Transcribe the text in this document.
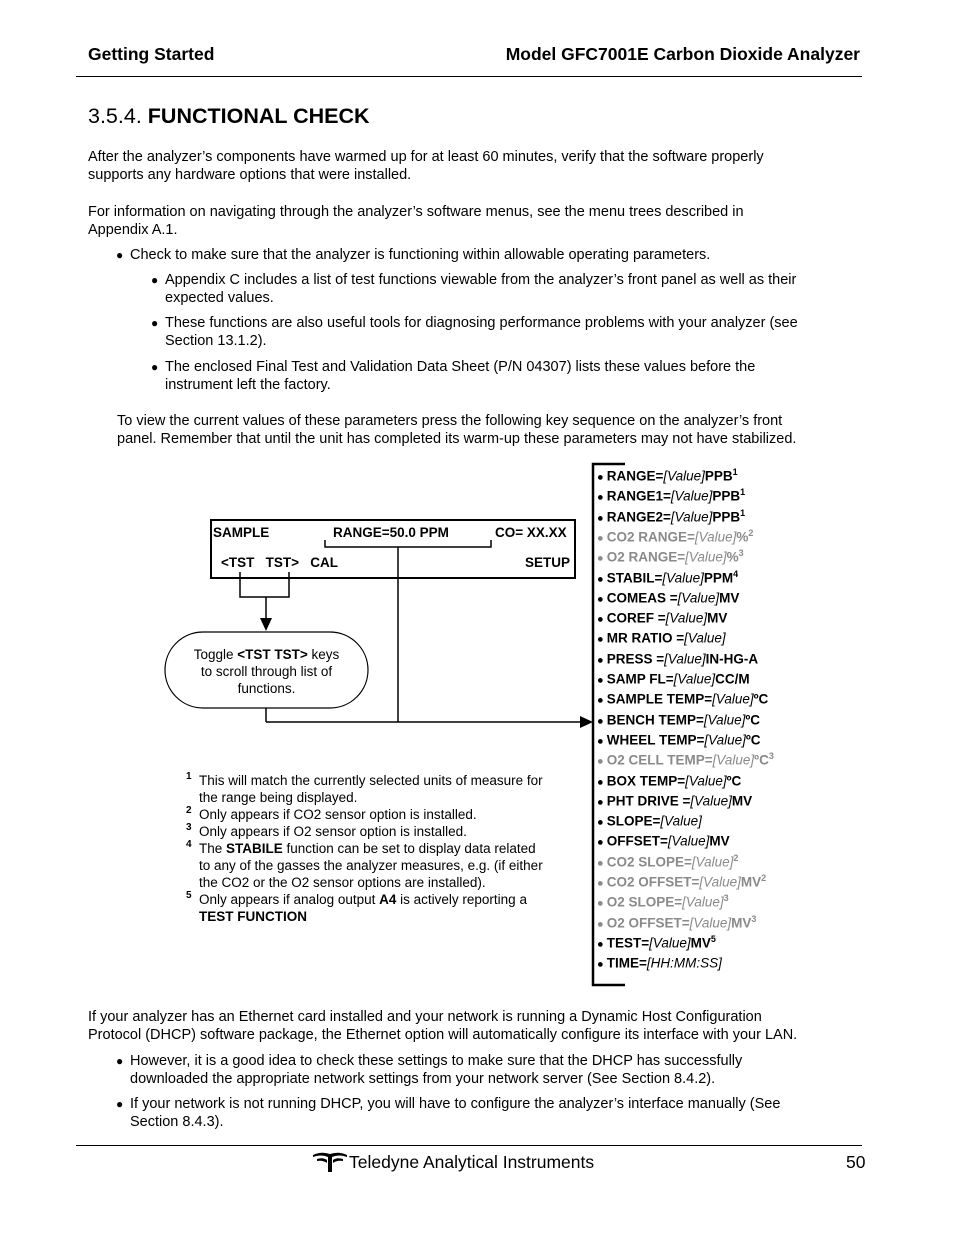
Getting Started	Model GFC7001E Carbon Dioxide Analyzer
3.5.4. FUNCTIONAL CHECK
After the analyzer’s components have warmed up for at least 60 minutes, verify that the software properly
supports any hardware options that were installed.
For information on navigating through the analyzer’s software menus, see the menu trees described in
Appendix A.1.
● Check to make sure that the analyzer is functioning within allowable operating parameters.
● Appendix C includes a list of test functions viewable from the analyzer’s front panel as well as their
expected values.
● These functions are also useful tools for diagnosing performance problems with your analyzer (see
Section 13.1.2).
● The enclosed Final Test and Validation Data Sheet (P/N 04307) lists these values before the
instrument left the factory.
To view the current values of these parameters press the following key sequence on the analyzer’s front
panel. Remember that until the unit has completed its warm-up these parameters may not have stabilized.
SAMPLE	RANGE=50.0 PPM	CO= XX.XX
<TST   TST>   CAL	SETUP
Toggle <TST TST> keys
to scroll through list of
functions.
● $RANGE=[Value]PPB^1$
● $RANGE1=[Value]PPB^1$
● $RANGE2=[Value]PPB^1$
● CO2 RANGE=[Value]%$^2$
● O2 RANGE=[Value]%$^3$
● $STABIL=[Value]PPM^4$
● COMEAS =[Value]MV
● COREF =[Value]MV
● MR RATIO =[Value]
● PRESS =[Value]IN-HG-A
● SAMP FL=[Value]CC/M
● SAMPLE TEMP=[Value]ºC
● BENCH TEMP=[Value]ºC
● WHEEL TEMP=[Value]ºC
● O2 CELL TEMP=[Value]ºC$^3$
● BOX TEMP=[Value]ºC
● PHT DRIVE =[Value]MV
● SLOPE=[Value]
● OFFSET=[Value]MV
● CO2 SLOPE=[Value]$^2$
● CO2 $OFFSET=[Value]MV^2$
● O2 SLOPE=[Value]$^3$
● O2 $OFFSET=[Value]MV^3$
● $TEST=[Value]MV^5$
● TIME=[HH:MM:SS]
1 This will match the currently selected units of measure for
the range being displayed.
2 Only appears if CO2 sensor option is installed.
3 Only appears if O2 sensor option is installed.
4 The STABILE function can be set to display data related
to any of the gasses the analyzer measures, e.g. (if either
the CO2 or the O2 sensor options are installed).
5 Only appears if analog output A4 is actively reporting a
TEST FUNCTION
If your analyzer has an Ethernet card installed and your network is running a Dynamic Host Configuration
Protocol (DHCP) software package, the Ethernet option will automatically configure its interface with your LAN.
● However, it is a good idea to check these settings to make sure that the DHCP has successfully
downloaded the appropriate network settings from your network server (See Section 8.4.2).
● If your network is not running DHCP, you will have to configure the analyzer’s interface manually (See
Section 8.4.3).
Teledyne Analytical Instruments	50
